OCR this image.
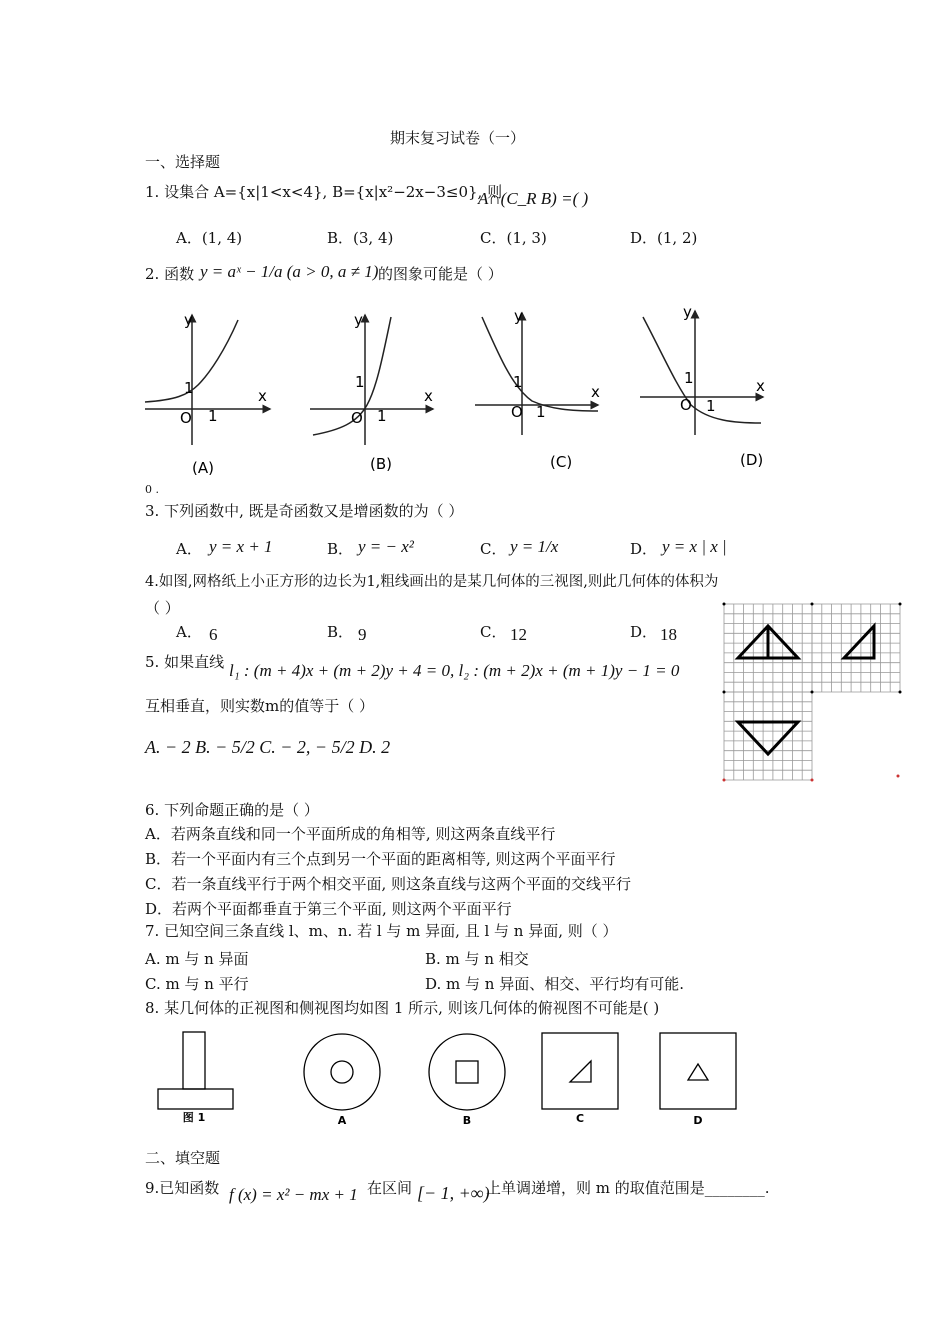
期末复习试卷（一）
一、选择题
1. 设集合 A={x|1<x<4}, B={x|x²−2x−3≤0}, 则
A∩(C_R B) =( )
A．(1, 4)	B．(3, 4)	C．(1, 3)	D．(1, 2)
2. 函数 y = aˣ − 1/a (a > 0, a ≠ 1) 的图象可能是（ ）
y
x
O
1
1
(A)
y
x
O
1
1
(B)
y
x
O
1
1
(C)
y
x
O
1
1
(D)
0 .
3. 下列函数中, 既是奇函数又是增函数的为（ ）
A． y = x + 1	B． y = − x²	C． y = 1/x	D． y = x | x |
4.如图,网格纸上小正方形的边长为1,粗线画出的是某几何体的三视图,则此几何体的体积为
（ ）
A． 6	B． 9	C． 12	D． 18
5. 如果直线 l₁ : (m + 4)x + (m + 2)y + 4 = 0, l₂ : (m + 2)x + (m + 1)y − 1 = 0
互相垂直，则实数m的值等于（ ）
A. − 2 B. − 5/2 C. − 2, − 5/2 D. 2
6. 下列命题正确的是（ ）
A．若两条直线和同一个平面所成的角相等, 则这两条直线平行
B．若一个平面内有三个点到另一个平面的距离相等, 则这两个平面平行
C．若一条直线平行于两个相交平面, 则这条直线与这两个平面的交线平行
D．若两个平面都垂直于第三个平面, 则这两个平面平行
7. 已知空间三条直线 l、m、n. 若 l 与 m 异面, 且 l 与 n 异面, 则（ ）
A. m 与 n 异面	B. m 与 n 相交
C. m 与 n 平行	D. m 与 n 异面、相交、平行均有可能.
8. 某几何体的正视图和侧视图均如图 1 所示, 则该几何体的俯视图不可能是( )
图 1	A	B	C	D
二、填空题
9.已知函数 f (x) = x² − mx + 1 在区间 [− 1, +∞)
上单调递增，则 m 的取值范围是________.
